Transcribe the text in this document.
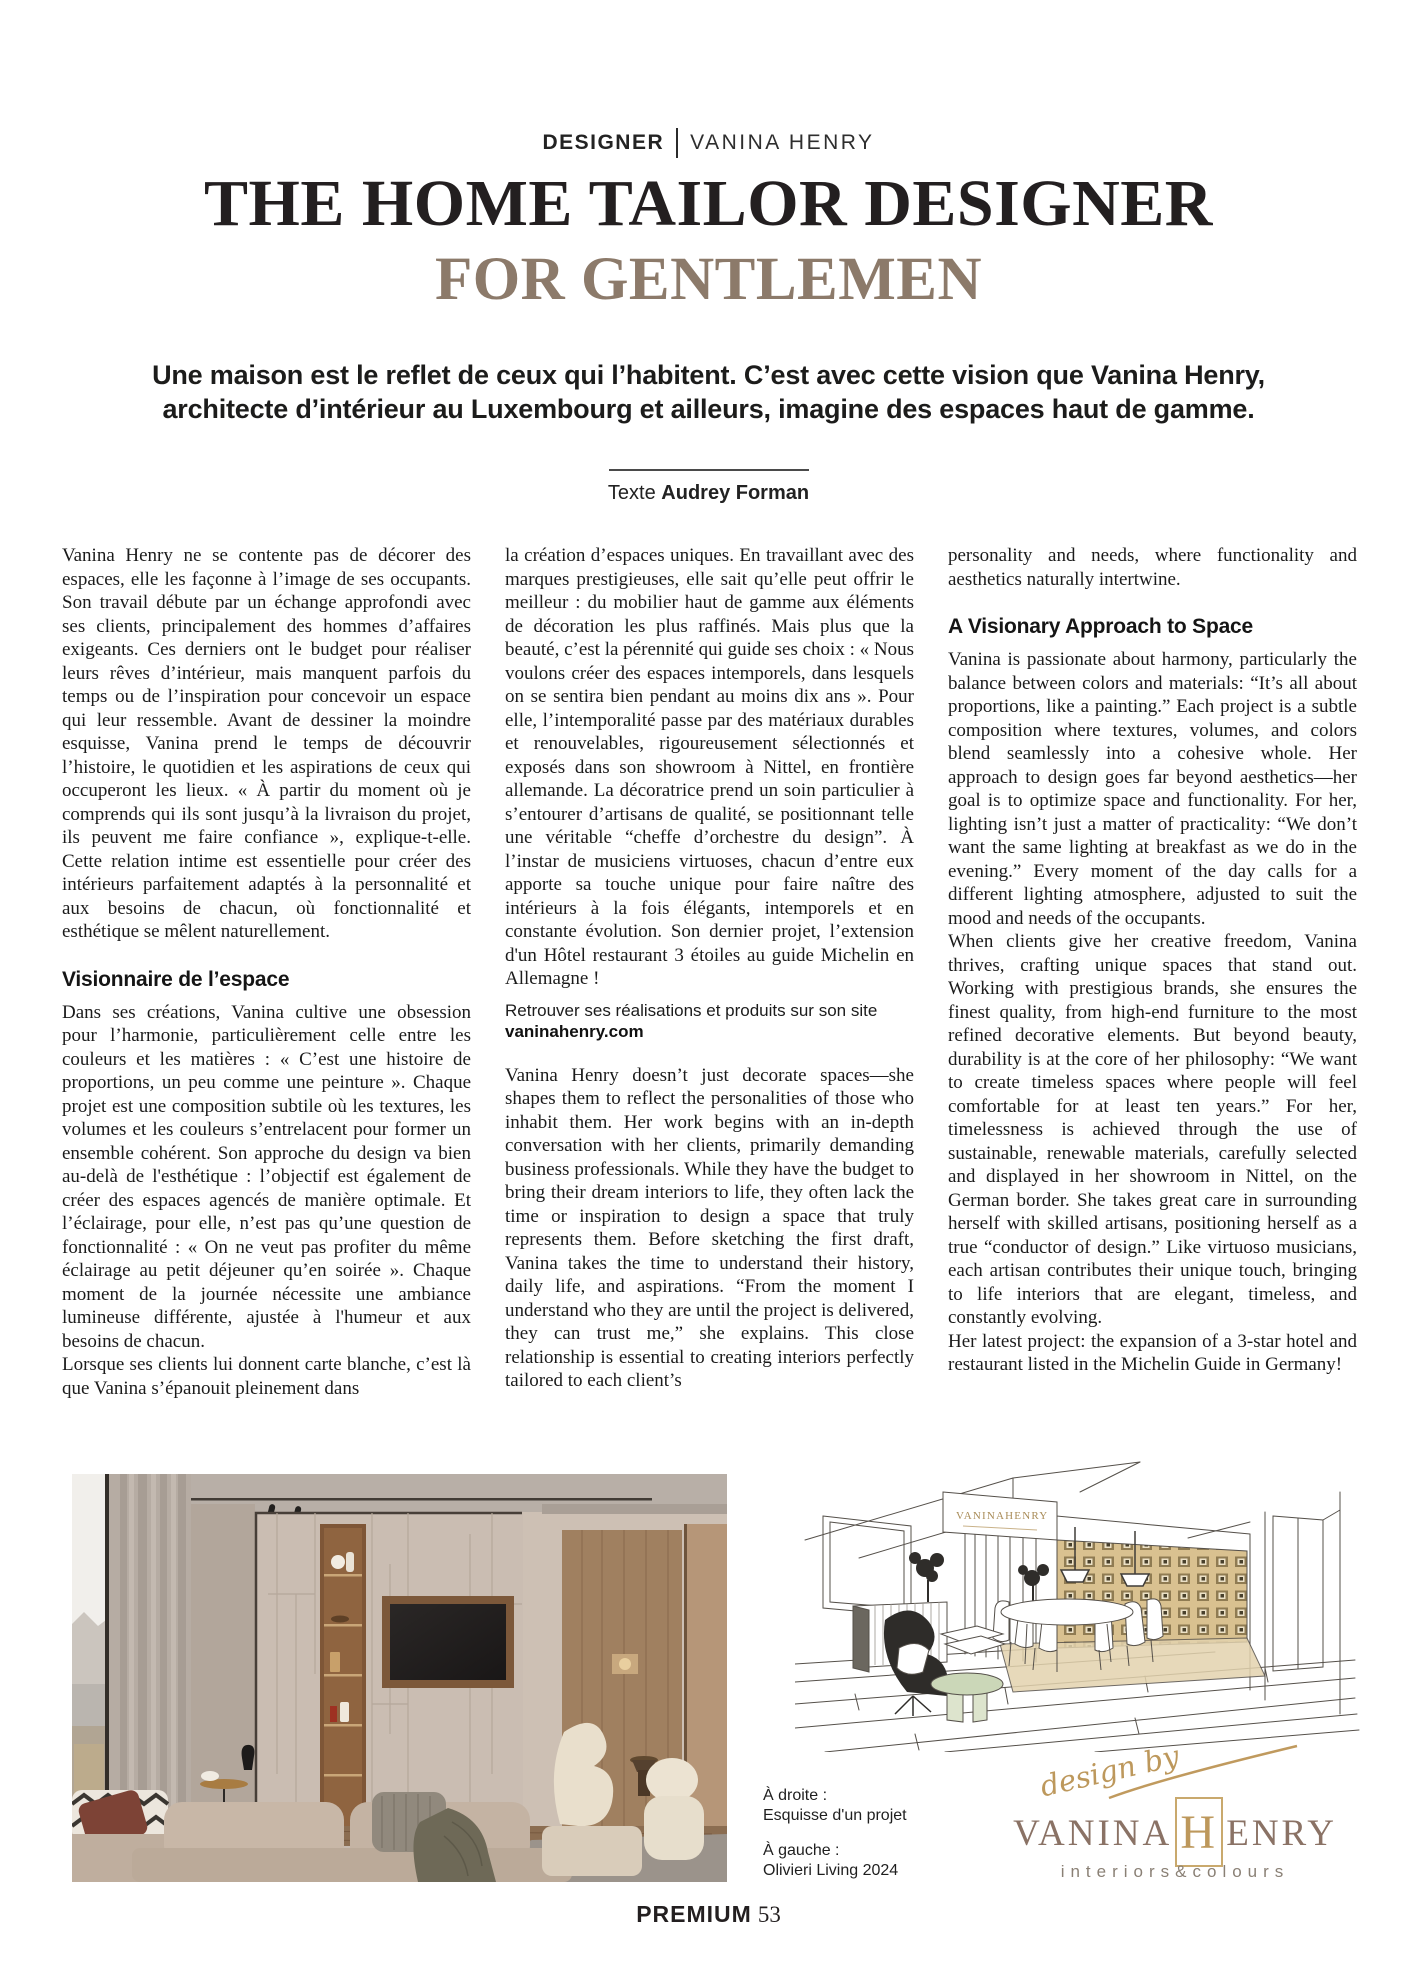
DESIGNER VANINA HENRY
THE HOME TAILOR DESIGNER
FOR GENTLEMEN

Une maison est le reflet de ceux qui l’habitent. C’est avec cette vision que Vanina Henry,
architecte d’intérieur au Luxembourg et ailleurs, imagine des espaces haut de gamme.

Texte Audrey Forman

Vanina Henry ne se contente pas de décorer des espaces, elle les façonne à l’image de ses occupants. Son travail débute par un échange approfondi avec ses clients, principalement des hommes d’affaires exigeants. Ces derniers ont le budget pour réaliser leurs rêves d’intérieur, mais manquent parfois du temps ou de l’inspiration pour concevoir un espace qui leur ressemble. Avant de dessiner la moindre esquisse, Vanina prend le temps de découvrir l’histoire, le quotidien et les aspirations de ceux qui occuperont les lieux. « À partir du moment où je comprends qui ils sont jusqu’à la livraison du projet, ils peuvent me faire confiance », explique-t-elle. Cette relation intime est essentielle pour créer des intérieurs parfaitement adaptés à la personnalité et aux besoins de chacun, où fonctionnalité et esthétique se mêlent naturellement.

Visionnaire de l’espace

Dans ses créations, Vanina cultive une obsession pour l’harmonie, particulièrement celle entre les couleurs et les matières : « C’est une histoire de proportions, un peu comme une peinture ». Chaque projet est une composition subtile où les textures, les volumes et les couleurs s’entrelacent pour former un ensemble cohérent. Son approche du design va bien au-delà de l'esthétique : l’objectif est également de créer des espaces agencés de manière optimale. Et l’éclairage, pour elle, n’est pas qu’une question de fonctionnalité : « On ne veut pas profiter du même éclairage au petit déjeuner qu’en soirée ». Chaque moment de la journée nécessite une ambiance lumineuse différente, ajustée à l'humeur et aux besoins de chacun.

Lorsque ses clients lui donnent carte blanche, c’est là que Vanina s’épanouit pleinement dans

la création d’espaces uniques. En travaillant avec des marques prestigieuses, elle sait qu’elle peut offrir le meilleur : du mobilier haut de gamme aux éléments de décoration les plus raffinés. Mais plus que la beauté, c’est la pérennité qui guide ses choix : « Nous voulons créer des espaces intemporels, dans lesquels on se sentira bien pendant au moins dix ans ». Pour elle, l’intemporalité passe par des matériaux durables et renouvelables, rigoureusement sélectionnés et exposés dans son showroom à Nittel, en frontière allemande. La décoratrice prend un soin particulier à s’entourer d’artisans de qualité, se positionnant telle une véritable “cheffe d’orchestre du design”. À l’instar de musiciens virtuoses, chacun d’entre eux apporte sa touche unique pour faire naître des intérieurs à la fois élégants, intemporels et en constante évolution. Son dernier projet, l’extension d'un Hôtel restaurant 3 étoiles au guide Michelin en Allemagne !

Retrouver ses réalisations et produits sur son site
vaninahenry.com

Vanina Henry doesn’t just decorate spaces—she shapes them to reflect the personalities of those who inhabit them. Her work begins with an in-depth conversation with her clients, primarily demanding business professionals. While they have the budget to bring their dream interiors to life, they often lack the time or inspiration to design a space that truly represents them. Before sketching the first draft, Vanina takes the time to understand their history, daily life, and aspirations. “From the moment I understand who they are until the project is delivered, they can trust me,” she explains. This close relationship is essential to creating interiors perfectly tailored to each client’s

personality and needs, where functionality and aesthetics naturally intertwine.

A Visionary Approach to Space

Vanina is passionate about harmony, particularly the balance between colors and materials: “It’s all about proportions, like a painting.” Each project is a subtle composition where textures, volumes, and colors blend seamlessly into a cohesive whole. Her approach to design goes far beyond aesthetics—her goal is to optimize space and functionality. For her, lighting isn’t just a matter of practicality: “We don’t want the same lighting at breakfast as we do in the evening.” Every moment of the day calls for a different lighting atmosphere, adjusted to suit the mood and needs of the occupants.

When clients give her creative freedom, Vanina thrives, crafting unique spaces that stand out. Working with prestigious brands, she ensures the finest quality, from high-end furniture to the most refined decorative elements. But beyond beauty, durability is at the core of her philosophy: “We want to create timeless spaces where people will feel comfortable for at least ten years.” For her, timelessness is achieved through the use of sustainable, renewable materials, carefully selected and displayed in her showroom in Nittel, on the German border. She takes great care in surrounding herself with skilled artisans, positioning herself as a true “conductor of design.” Like virtuoso musicians, each artisan contributes their unique touch, bringing to life interiors that are elegant, timeless, and constantly evolving.

Her latest project: the expansion of a 3-star hotel and restaurant listed in the Michelin Guide in Germany!

VANINAHENRY
À droite :
Esquisse d'un projet
À gauche :
Olivieri Living 2024
design by
VANINA H ENRY
interiors&colours
PREMIUM 53
